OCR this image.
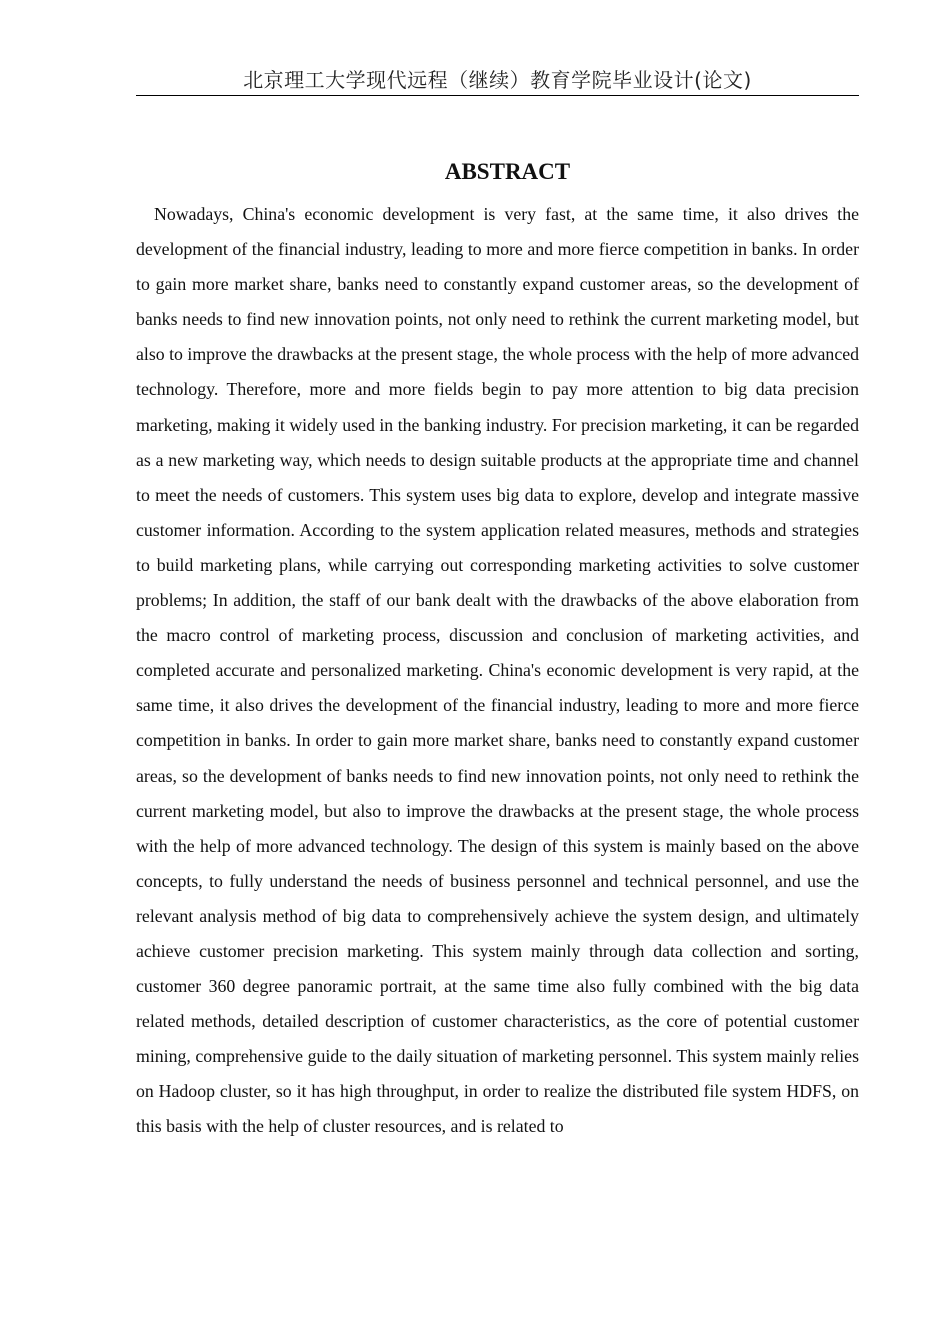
北京理工大学现代远程（继续）教育学院毕业设计(论文)
ABSTRACT

Nowadays, China's economic development is very fast, at the same time, it also drives the development of the financial industry, leading to more and more fierce competition in banks. In order to gain more market share, banks need to constantly expand customer areas, so the development of banks needs to find new innovation points, not only need to rethink the current marketing model, but also to improve the drawbacks at the present stage, the whole process with the help of more advanced technology. Therefore, more and more fields begin to pay more attention to big data precision marketing, making it widely used in the banking industry. For precision marketing, it can be regarded as a new marketing way, which needs to design suitable products at the appropriate time and channel to meet the needs of customers. This system uses big data to explore, develop and integrate massive customer information. According to the system application related measures, methods and strategies to build marketing plans, while carrying out corresponding marketing activities to solve customer problems; In addition, the staff of our bank dealt with the drawbacks of the above elaboration from the macro control of marketing process, discussion and conclusion of marketing activities, and completed accurate and personalized marketing. China's economic development is very rapid, at the same time, it also drives the development of the financial industry, leading to more and more fierce competition in banks. In order to gain more market share, banks need to constantly expand customer areas, so the development of banks needs to find new innovation points, not only need to rethink the current marketing model, but also to improve the drawbacks at the present stage, the whole process with the help of more advanced technology. The design of this system is mainly based on the above concepts, to fully understand the needs of business personnel and technical personnel, and use the relevant analysis method of big data to comprehensively achieve the system design, and ultimately achieve customer precision marketing. This system mainly through data collection and sorting, customer 360 degree panoramic portrait, at the same time also fully combined with the big data related methods, detailed description of customer characteristics, as the core of potential customer mining, comprehensive guide to the daily situation of marketing personnel. This system mainly relies on Hadoop cluster, so it has high throughput, in order to realize the distributed file system HDFS, on this basis with the help of cluster resources, and is related to
